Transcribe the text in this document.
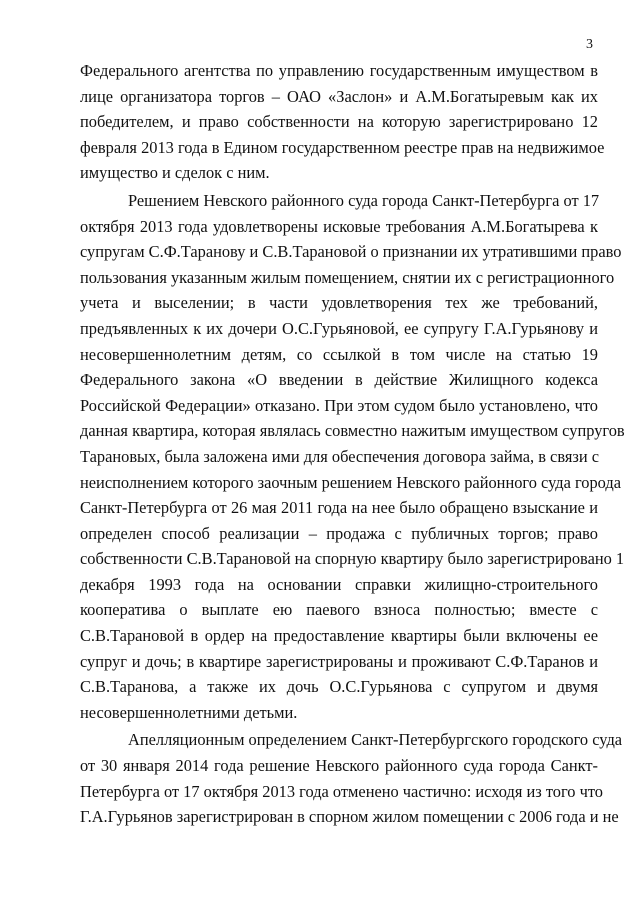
3
Федерального агентства по управлению государственным имуществом в
лице организатора торгов – ОАО «Заслон» и А.М.Богатыревым как их
победителем, и право собственности на которую зарегистрировано 12
февраля 2013 года в Едином государственном реестре прав на недвижимое
имущество и сделок с ним.
Решением Невского районного суда города Санкт-Петербурга от 17
октября 2013 года удовлетворены исковые требования А.М.Богатырева к
супругам С.Ф.Таранову и С.В.Тарановой о признании их утратившими право
пользования указанным жилым помещением, снятии их с регистрационного
учета и выселении; в части удовлетворения тех же требований,
предъявленных к их дочери О.С.Гурьяновой, ее супругу Г.А.Гурьянову и
несовершеннолетним детям, со ссылкой в том числе на статью 19
Федерального закона «О введении в действие Жилищного кодекса
Российской Федерации» отказано. При этом судом было установлено, что
данная квартира, которая являлась совместно нажитым имуществом супругов
Тарановых, была заложена ими для обеспечения договора займа, в связи с
неисполнением которого заочным решением Невского районного суда города
Санкт-Петербурга от 26 мая 2011 года на нее было обращено взыскание и
определен способ реализации – продажа с публичных торгов; право
собственности С.В.Тарановой на спорную квартиру было зарегистрировано 1
декабря 1993 года на основании справки жилищно-строительного
кооператива о выплате ею паевого взноса полностью; вместе с
С.В.Тарановой в ордер на предоставление квартиры были включены ее
супруг и дочь; в квартире зарегистрированы и проживают С.Ф.Таранов и
С.В.Таранова, а также их дочь О.С.Гурьянова с супругом и двумя
несовершеннолетними детьми.
Апелляционным определением Санкт-Петербургского городского суда
от 30 января 2014 года решение Невского районного суда города Санкт-
Петербурга от 17 октября 2013 года отменено частично: исходя из того что
Г.А.Гурьянов зарегистрирован в спорном жилом помещении с 2006 года и не
